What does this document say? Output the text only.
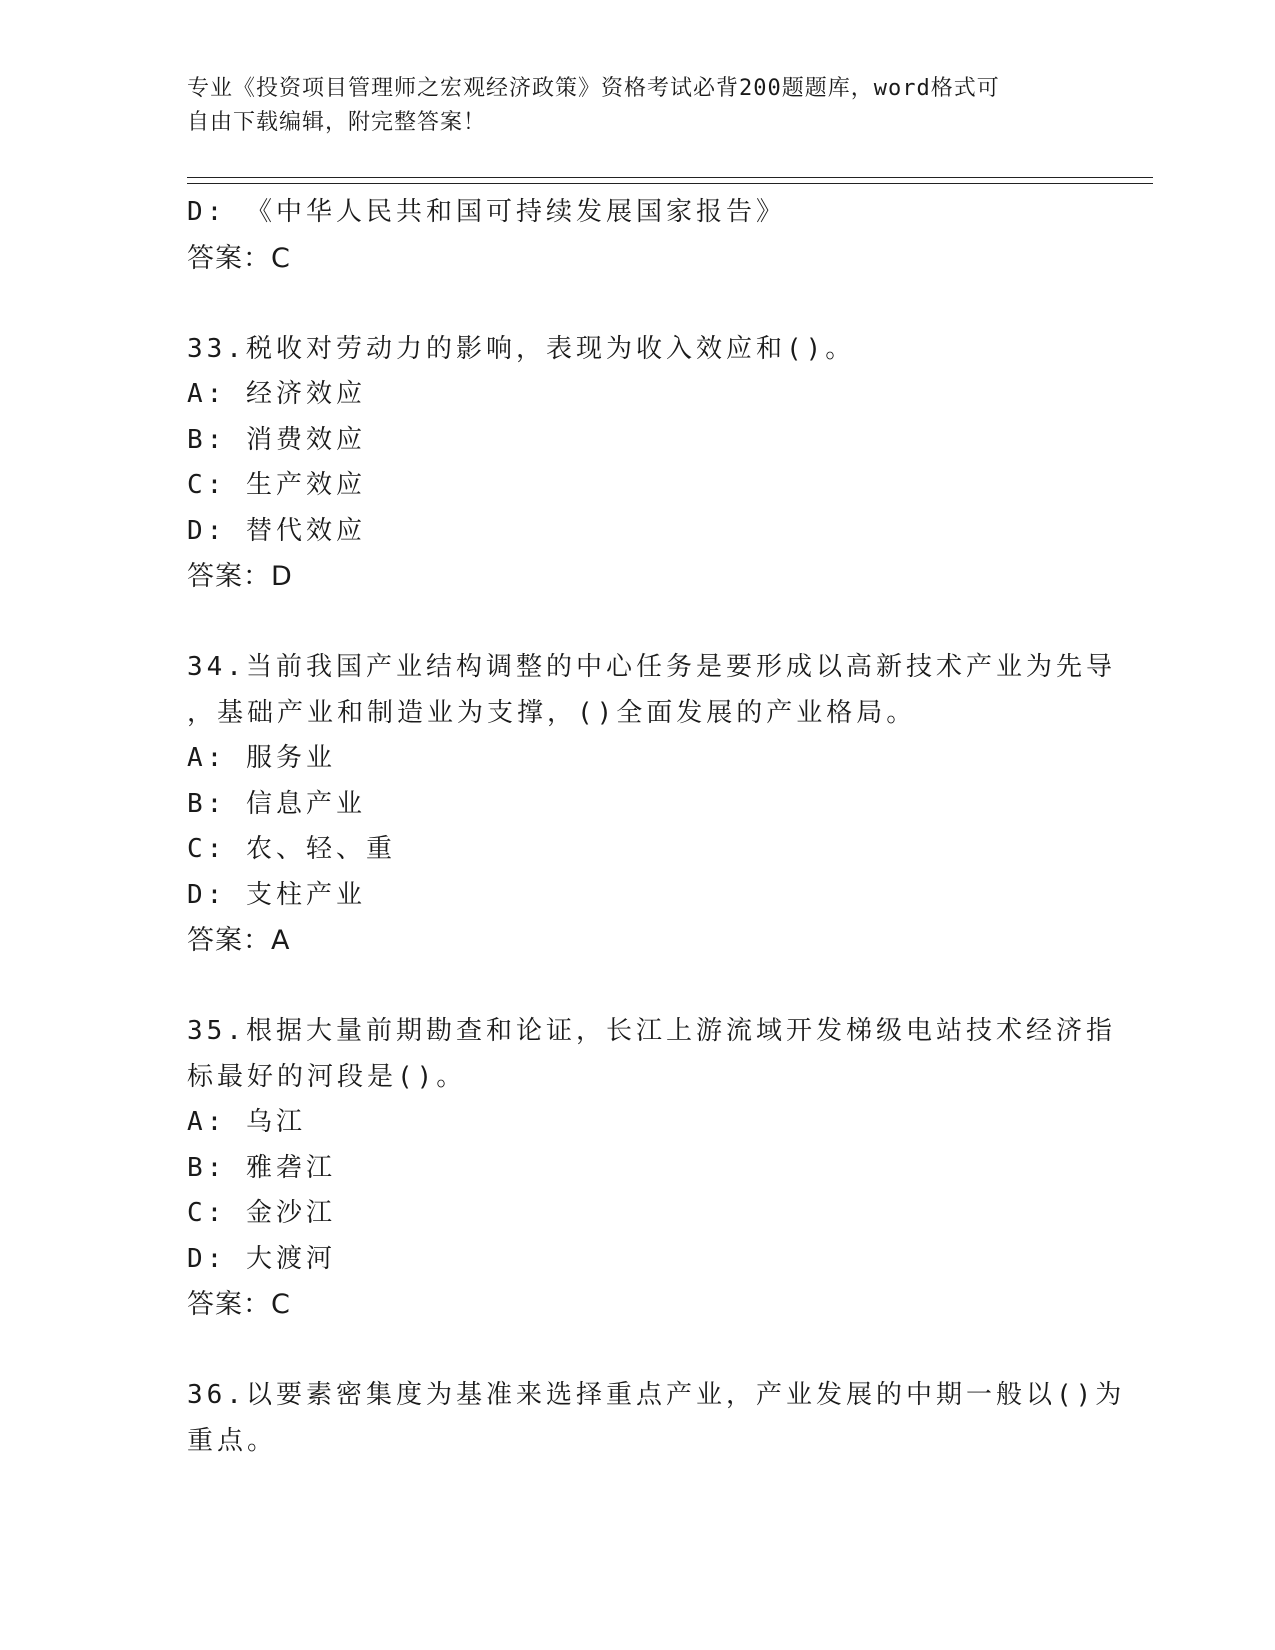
专业《投资项目管理师之宏观经济政策》资格考试必背200题题库，word格式可
自由下载编辑，附完整答案！
D: 《中华人民共和国可持续发展国家报告》
答案：C
33.税收对劳动力的影响，表现为收入效应和()。
A: 经济效应
B: 消费效应
C: 生产效应
D: 替代效应
答案：D
34.当前我国产业结构调整的中心任务是要形成以高新技术产业为先导
，基础产业和制造业为支撑，()全面发展的产业格局。
A: 服务业
B: 信息产业
C: 农、轻、重
D: 支柱产业
答案：A
35.根据大量前期勘查和论证，长江上游流域开发梯级电站技术经济指
标最好的河段是()。
A: 乌江
B: 雅砻江
C: 金沙江
D: 大渡河
答案：C
36.以要素密集度为基准来选择重点产业，产业发展的中期一般以()为
重点。
